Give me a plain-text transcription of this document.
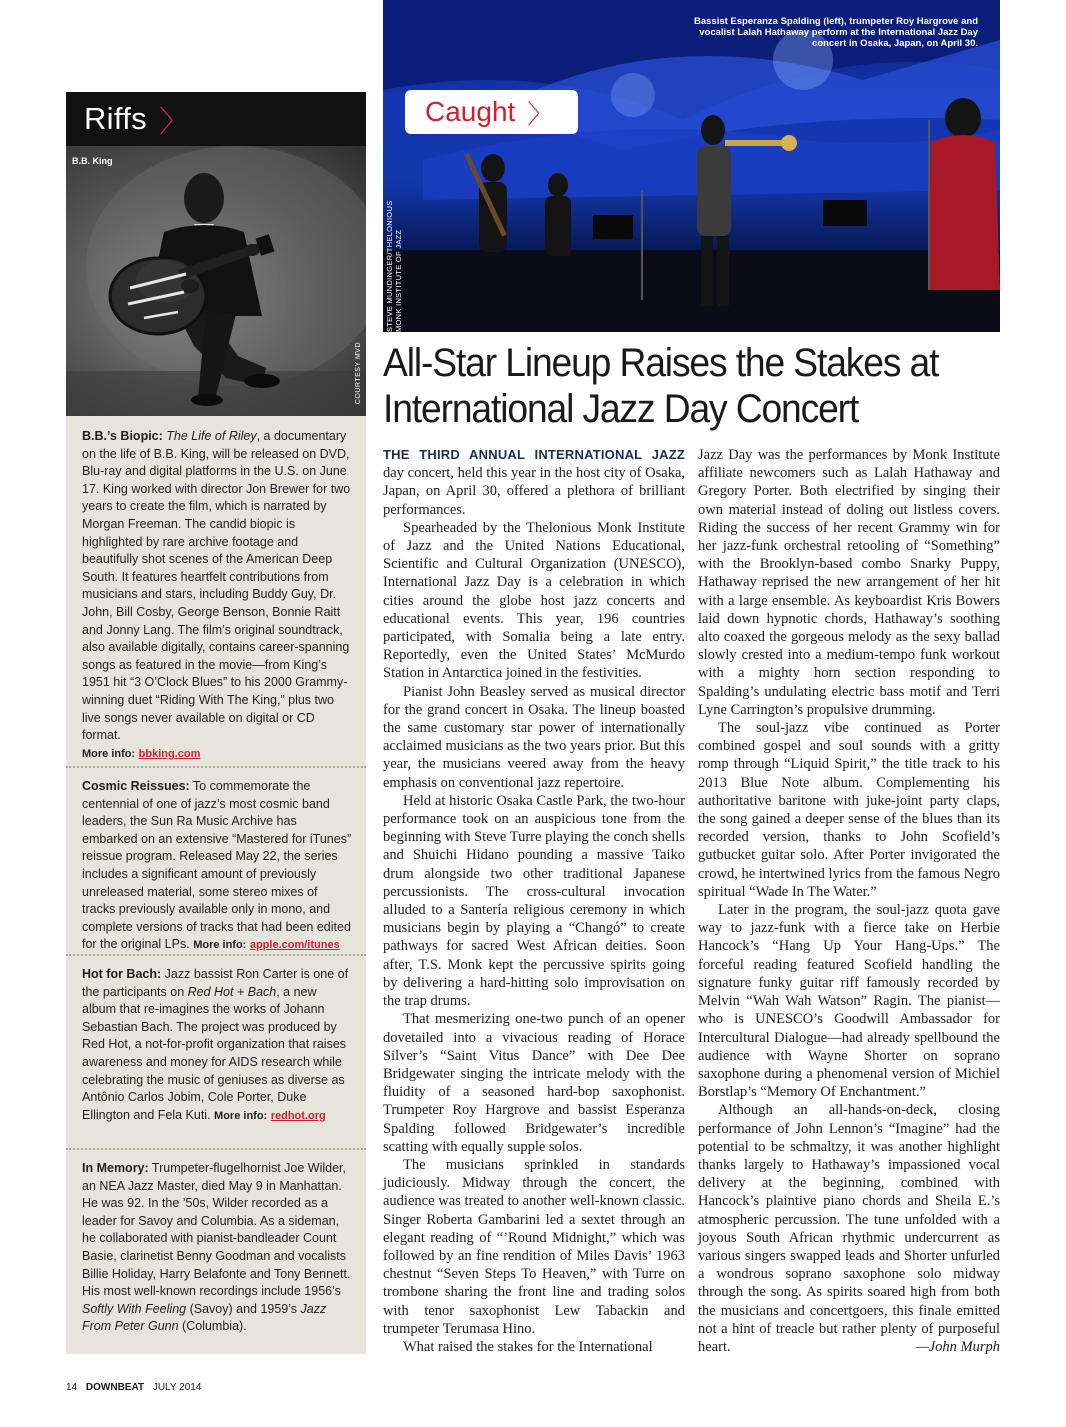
Riffs 〉
B.B. King
COURTESY MVD
B.B.’s Biopic: The Life of Riley, a documentary on the life of B.B. King, will be released on DVD, Blu-ray and digital platforms in the U.S. on June 17. King worked with director Jon Brewer for two years to create the film, which is narrated by Morgan Freeman. The candid biopic is highlighted by rare archive footage and beautifully shot scenes of the American Deep South. It features heartfelt contributions from musicians and stars, including Buddy Guy, Dr. John, Bill Cosby, George Benson, Bonnie Raitt and Jonny Lang. The film’s original soundtrack, also available digitally, contains career-spanning songs as featured in the movie—from King’s 1951 hit “3 O’Clock Blues” to his 2000 Grammy-winning duet “Riding With The King,” plus two live songs never available on digital or CD format.
More info: bbking.com
Cosmic Reissues: To commemorate the centennial of one of jazz’s most cosmic band leaders, the Sun Ra Music Archive has embarked on an extensive “Mastered for iTunes” reissue program. Released May 22, the series includes a significant amount of previously unreleased material, some stereo mixes of tracks previously available only in mono, and complete versions of tracks that had been edited for the original LPs. More info: apple.com/itunes
Hot for Bach: Jazz bassist Ron Carter is one of the participants on Red Hot + Bach, a new album that re-imagines the works of Johann Sebastian Bach. The project was produced by Red Hot, a not-for-profit organization that raises awareness and money for AIDS research while celebrating the music of geniuses as diverse as Antônio Carlos Jobim, Cole Porter, Duke Ellington and Fela Kuti. More info: redhot.org
In Memory: Trumpeter-flugelhornist Joe Wilder, an NEA Jazz Master, died May 9 in Manhattan. He was 92. In the ’50s, Wilder recorded as a leader for Savoy and Columbia. As a sideman, he collaborated with pianist-bandleader Count Basie, clarinetist Benny Goodman and vocalists Billie Holiday, Harry Belafonte and Tony Bennett. His most well-known recordings include 1956’s Softly With Feeling (Savoy) and 1959’s Jazz From Peter Gunn (Columbia).
Bassist Esperanza Spalding (left), trumpeter Roy Hargrove and vocalist Lalah Hathaway perform at the International Jazz Day concert in Osaka, Japan, on April 30.
STEVE MUNDINGER/THELONIOUS MONK INSTITUTE OF JAZZ
Caught 〉
All-Star Lineup Raises the Stakes at International Jazz Day Concert

THE THIRD ANNUAL INTERNATIONAL JAZZ day concert, held this year in the host city of Osaka, Japan, on April 30, offered a plethora of brilliant performances.

Spearheaded by the Thelonious Monk Institute of Jazz and the United Nations Educational, Scientific and Cultural Organization (UNESCO), International Jazz Day is a celebration in which cities around the globe host jazz concerts and educational events. This year, 196 countries participated, with Somalia being a late entry. Reportedly, even the United States’ McMurdo Station in Antarctica joined in the festivities.

Pianist John Beasley served as musical director for the grand concert in Osaka. The lineup boasted the same customary star power of internationally acclaimed musicians as the two years prior. But this year, the musicians veered away from the heavy emphasis on conventional jazz repertoire.

Held at historic Osaka Castle Park, the two-hour performance took on an auspicious tone from the beginning with Steve Turre playing the conch shells and Shuichi Hidano pounding a massive Taiko drum alongside two other traditional Japanese percussionists. The cross-cultural invocation alluded to a Santería religious ceremony in which musicians begin by playing a “Changó” to create pathways for sacred West African deities. Soon after, T.S. Monk kept the percussive spirits going by delivering a hard-hitting solo improvisation on the trap drums.

That mesmerizing one-two punch of an opener dovetailed into a vivacious reading of Horace Silver’s “Saint Vitus Dance” with Dee Dee Bridgewater singing the intricate melody with the fluidity of a seasoned hard-bop saxophonist. Trumpeter Roy Hargrove and bassist Esperanza Spalding followed Bridgewater’s incredible scatting with equally supple solos.

The musicians sprinkled in standards judiciously. Midway through the concert, the audience was treated to another well-known classic. Singer Roberta Gambarini led a sextet through an elegant reading of “’Round Midnight,” which was followed by an fine rendition of Miles Davis’ 1963 chestnut “Seven Steps To Heaven,” with Turre on trombone sharing the front line and trading solos with tenor saxophonist Lew Tabackin and trumpeter Terumasa Hino.

What raised the stakes for the International

Jazz Day was the performances by Monk Institute affiliate newcomers such as Lalah Hathaway and Gregory Porter. Both electrified by singing their own material instead of doling out listless covers. Riding the success of her recent Grammy win for her jazz-funk orchestral retooling of “Something” with the Brooklyn-based combo Snarky Puppy, Hathaway reprised the new arrangement of her hit with a large ensemble. As keyboardist Kris Bowers laid down hypnotic chords, Hathaway’s soothing alto coaxed the gorgeous melody as the sexy ballad slowly crested into a medium-tempo funk workout with a mighty horn section responding to Spalding’s undulating electric bass motif and Terri Lyne Carrington’s propulsive drumming.

The soul-jazz vibe continued as Porter combined gospel and soul sounds with a gritty romp through “Liquid Spirit,” the title track to his 2013 Blue Note album. Complementing his authoritative baritone with juke-joint party claps, the song gained a deeper sense of the blues than its recorded version, thanks to John Scofield’s gutbucket guitar solo. After Porter invigorated the crowd, he intertwined lyrics from the famous Negro spiritual “Wade In The Water.”

Later in the program, the soul-jazz quota gave way to jazz-funk with a fierce take on Herbie Hancock’s “Hang Up Your Hang-Ups.” The forceful reading featured Scofield handling the signature funky guitar riff famously recorded by Melvin “Wah Wah Watson” Ragin. The pianist—who is UNESCO’s Goodwill Ambassador for Intercultural Dialogue—had already spellbound the audience with Wayne Shorter on soprano saxophone during a phenomenal version of Michiel Borstlap’s “Memory Of Enchantment.”

Although an all-hands-on-deck, closing performance of John Lennon’s “Imagine” had the potential to be schmaltzy, it was another highlight thanks largely to Hathaway’s impassioned vocal delivery at the beginning, combined with Hancock’s plaintive piano chords and Sheila E.’s atmospheric percussion. The tune unfolded with a joyous South African rhythmic undercurrent as various singers swapped leads and Shorter unfurled a wondrous soprano saxophone solo midway through the song. As spirits soared high from both the musicians and concertgoers, this finale emitted not a hint of treacle but rather plenty of purposeful heart.	—John Murph

14 DOWNBEAT JULY 2014
